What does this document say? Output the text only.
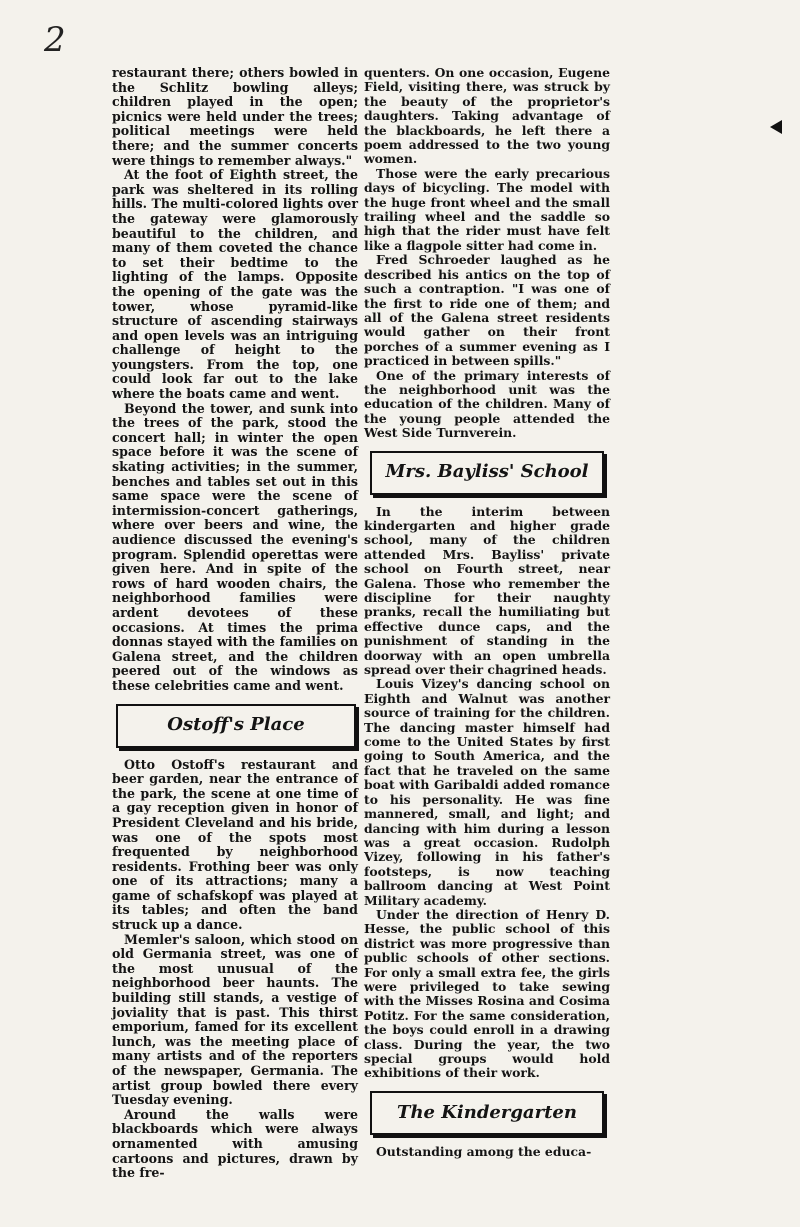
2

restaurant there; others bowled in the Schlitz bowling alleys; children played in the open; picnics were held under the trees; political meetings were held there; and the summer concerts were things to remember always."

At the foot of Eighth street, the park was sheltered in its rolling hills. The multi-colored lights over the gateway were glamorously beautiful to the children, and many of them coveted the chance to set their bedtime to the lighting of the lamps. Opposite the opening of the gate was the tower, whose pyramid-like structure of ascending stairways and open levels was an intriguing challenge of height to the youngsters. From the top, one could look far out to the lake where the boats came and went.

Beyond the tower, and sunk into the trees of the park, stood the concert hall; in winter the open space before it was the scene of skating activities; in the summer, benches and tables set out in this same space were the scene of intermission-concert gatherings, where over beers and wine, the audience discussed the evening's program. Splendid operettas were given here. And in spite of the rows of hard wooden chairs, the neighborhood families were ardent devotees of these occasions. At times the prima donnas stayed with the families on Galena street, and the children peered out of the windows as these celebrities came and went.

Ostoff's Place

Otto Ostoff's restaurant and beer garden, near the entrance of the park, the scene at one time of a gay reception given in honor of President Cleveland and his bride, was one of the spots most frequented by neighborhood residents. Frothing beer was only one of its attractions; many a game of schafskopf was played at its tables; and often the band struck up a dance.

Memler's saloon, which stood on old Germania street, was one of the most unusual of the neighborhood beer haunts. The building still stands, a vestige of joviality that is past. This thirst emporium, famed for its excellent lunch, was the meeting place of many artists and of the reporters of the newspaper, Germania. The artist group bowled there every Tuesday evening.

Around the walls were blackboards which were always ornamented with amusing cartoons and pictures, drawn by the fre-

quenters. On one occasion, Eugene Field, visiting there, was struck by the beauty of the proprietor's daughters. Taking advantage of the blackboards, he left there a poem addressed to the two young women.

Those were the early precarious days of bicycling. The model with the huge front wheel and the small trailing wheel and the saddle so high that the rider must have felt like a flagpole sitter had come in.

Fred Schroeder laughed as he described his antics on the top of such a contraption. "I was one of the first to ride one of them; and all of the Galena street residents would gather on their front porches of a summer evening as I practiced in between spills."

One of the primary interests of the neighborhood unit was the education of the children. Many of the young people attended the West Side Turnverein.

Mrs. Bayliss' School

In the interim between kindergarten and higher grade school, many of the children attended Mrs. Bayliss' private school on Fourth street, near Galena. Those who remember the discipline for their naughty pranks, recall the humiliating but effective dunce caps, and the punishment of standing in the doorway with an open umbrella spread over their chagrined heads.

Louis Vizey's dancing school on Eighth and Walnut was another source of training for the children. The dancing master himself had come to the United States by first going to South America, and the fact that he traveled on the same boat with Garibaldi added romance to his personality. He was fine mannered, small, and light; and dancing with him during a lesson was a great occasion. Rudolph Vizey, following in his father's footsteps, is now teaching ballroom dancing at West Point Military academy.

Under the direction of Henry D. Hesse, the public school of this district was more progressive than public schools of other sections. For only a small extra fee, the girls were privileged to take sewing with the Misses Rosina and Cosima Potitz. For the same consideration, the boys could enroll in a drawing class. During the year, the two special groups would hold exhibitions of their work.

The Kindergarten

Outstanding among the educa-
